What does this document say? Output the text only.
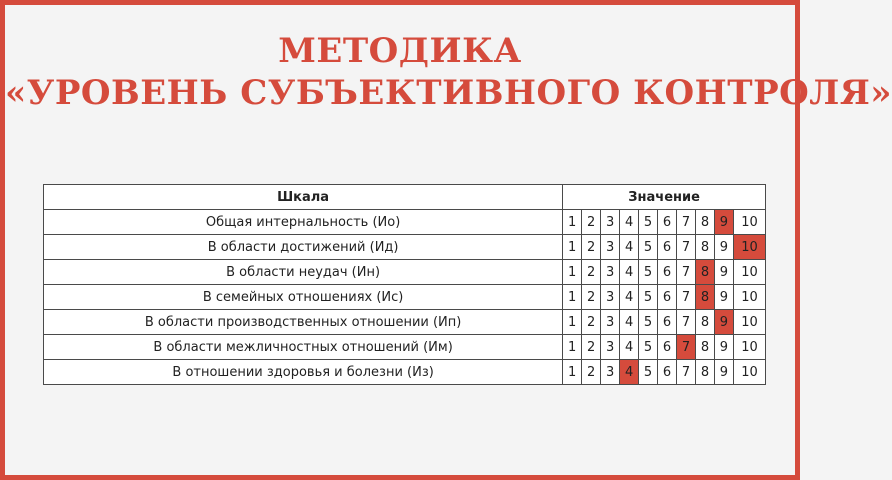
МЕТОДИКА
«УРОВЕНЬ СУБЪЕКТИВНОГО КОНТРОЛЯ»
Шкала	Значение									
Общая интернальность (Ио)	1	2	3	4	5	6	7	8	9	10
В области достижений (Ид)	1	2	3	4	5	6	7	8	9	10
В области неудач (Ин)	1	2	3	4	5	6	7	8	9	10
В семейных отношениях (Ис)	1	2	3	4	5	6	7	8	9	10
В области производственных отношении (Ип)	1	2	3	4	5	6	7	8	9	10
В области межличностных отношений (Им)	1	2	3	4	5	6	7	8	9	10
В отношении здоровья и болезни (Из)	1	2	3	4	5	6	7	8	9	10
